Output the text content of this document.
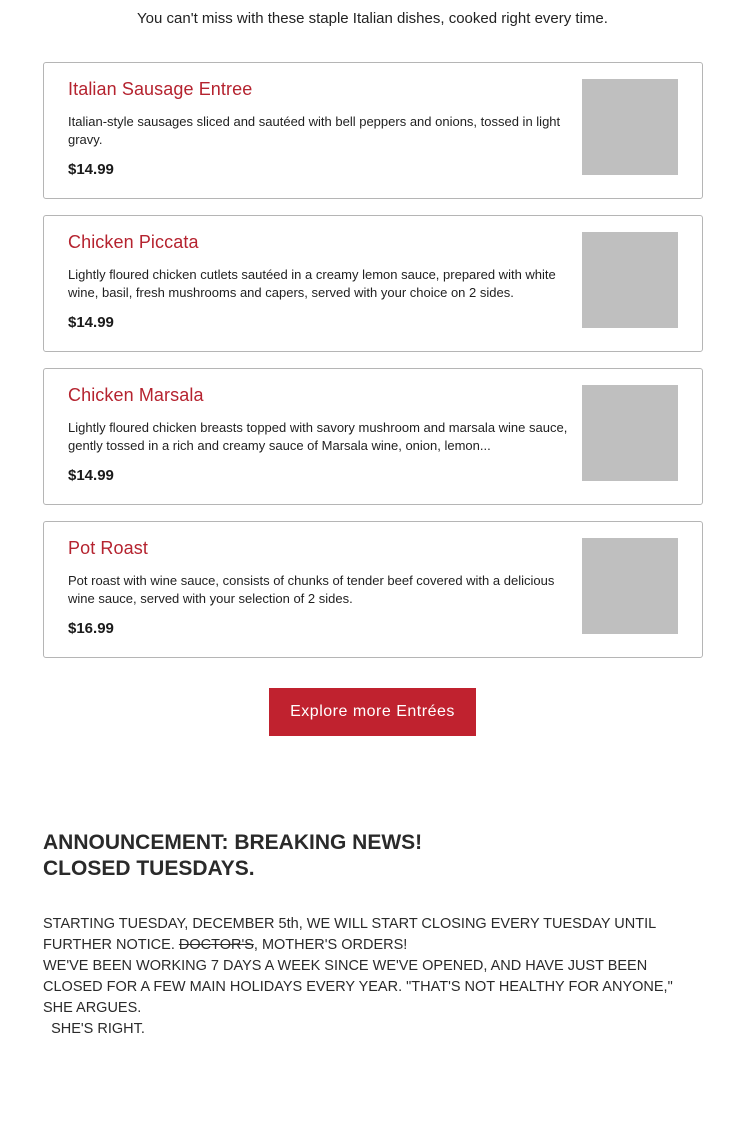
You can't miss with these staple Italian dishes, cooked right every time.
Italian Sausage Entree
Italian-style sausages sliced and sautéed with bell peppers and onions, tossed in light gravy.
$14.99
Chicken Piccata
Lightly floured chicken cutlets sautéed in a creamy lemon sauce, prepared with white wine, basil, fresh mushrooms and capers, served with your choice on 2 sides.
$14.99
Chicken Marsala
Lightly floured chicken breasts topped with savory mushroom and marsala wine sauce, gently tossed in a rich and creamy sauce of Marsala wine, onion, lemon...
$14.99
Pot Roast
Pot roast with wine sauce, consists of chunks of tender beef covered with a delicious wine sauce, served with your selection of 2 sides.
$16.99
Explore more Entrées
ANNOUNCEMENT: BREAKING NEWS!
CLOSED TUESDAYS.

STARTING TUESDAY, DECEMBER 5th, WE WILL START CLOSING EVERY TUESDAY UNTIL FURTHER NOTICE. DOCTOR'S, MOTHER'S ORDERS!

WE'VE BEEN WORKING 7 DAYS A WEEK SINCE WE'VE OPENED, AND HAVE JUST BEEN CLOSED FOR A FEW MAIN HOLIDAYS EVERY YEAR. "THAT'S NOT HEALTHY FOR ANYONE," SHE ARGUES.

SHE'S RIGHT.
